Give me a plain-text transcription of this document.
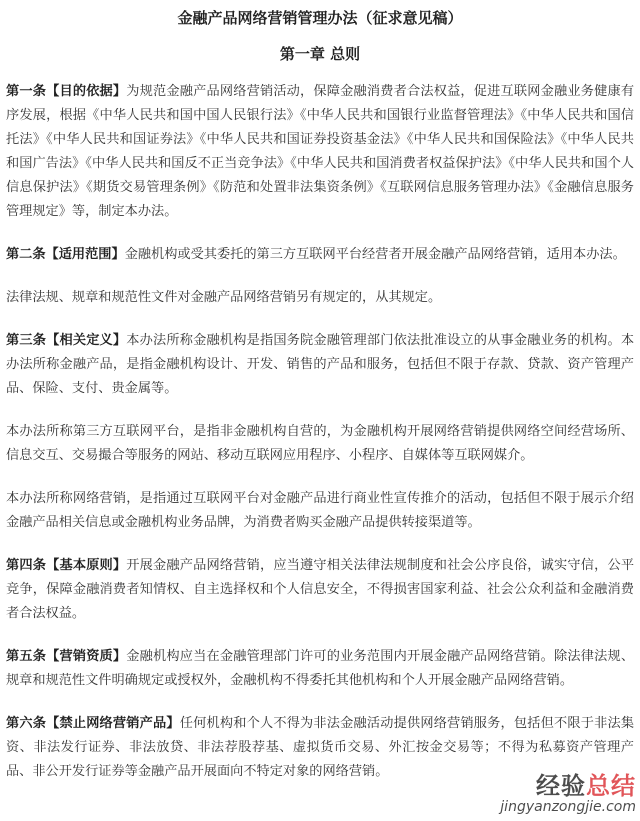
金融产品网络营销管理办法（征求意见稿）
第一章 总则

第一条【目的依据】为规范金融产品网络营销活动，保障金融消费者合法权益，促进互联网金融业务健康有序发展，根据《中华人民共和国中国人民银行法》《中华人民共和国银行业监督管理法》《中华人民共和国信托法》《中华人民共和国证券法》《中华人民共和国证券投资基金法》《中华人民共和国保险法》《中华人民共和国广告法》《中华人民共和国反不正当竞争法》《中华人民共和国消费者权益保护法》《中华人民共和国个人信息保护法》《期货交易管理条例》《防范和处置非法集资条例》《互联网信息服务管理办法》《金融信息服务管理规定》等，制定本办法。

第二条【适用范围】金融机构或受其委托的第三方互联网平台经营者开展金融产品网络营销，适用本办法。

法律法规、规章和规范性文件对金融产品网络营销另有规定的，从其规定。

第三条【相关定义】本办法所称金融机构是指国务院金融管理部门依法批准设立的从事金融业务的机构。本办法所称金融产品，是指金融机构设计、开发、销售的产品和服务，包括但不限于存款、贷款、资产管理产品、保险、支付、贵金属等。

本办法所称第三方互联网平台，是指非金融机构自营的，为金融机构开展网络营销提供网络空间经营场所、信息交互、交易撮合等服务的网站、移动互联网应用程序、小程序、自媒体等互联网媒介。

本办法所称网络营销，是指通过互联网平台对金融产品进行商业性宣传推介的活动，包括但不限于展示介绍金融产品相关信息或金融机构业务品牌，为消费者购买金融产品提供转接渠道等。

第四条【基本原则】开展金融产品网络营销，应当遵守相关法律法规制度和社会公序良俗，诚实守信，公平竞争，保障金融消费者知情权、自主选择权和个人信息安全，不得损害国家利益、社会公众利益和金融消费者合法权益。

第五条【营销资质】金融机构应当在金融管理部门许可的业务范围内开展金融产品网络营销。除法律法规、规章和规范性文件明确规定或授权外，金融机构不得委托其他机构和个人开展金融产品网络营销。

第六条【禁止网络营销产品】任何机构和个人不得为非法金融活动提供网络营销服务，包括但不限于非法集资、非法发行证券、非法放贷、非法荐股荐基、虚拟货币交易、外汇按金交易等；不得为私募资产管理产品、非公开发行证券等金融产品开展面向不特定对象的网络营销。

经验总结
jingyanzongjie.com
